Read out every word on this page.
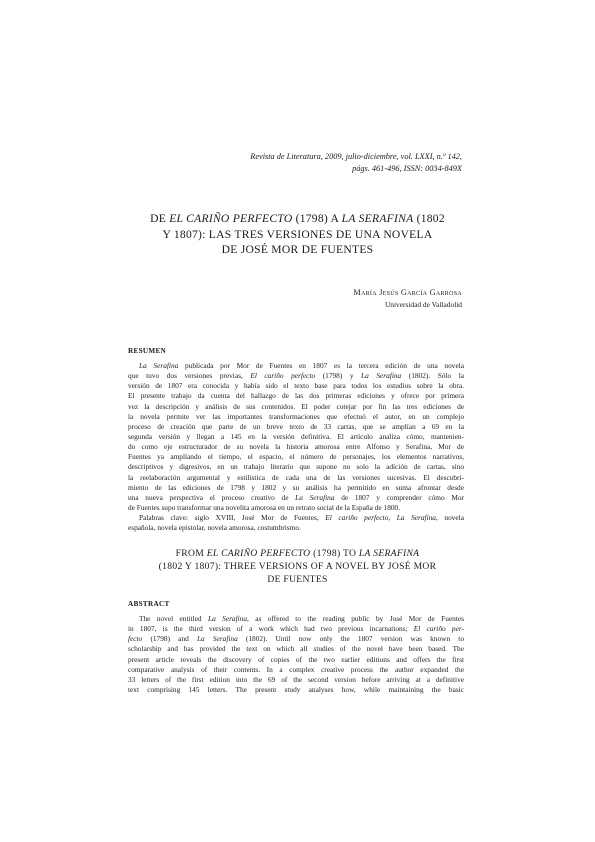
Revista de Literatura, 2009, julio-diciembre, vol. LXXI, n.º 142,
págs. 461-496, ISSN: 0034-849X
DE EL CARIÑO PERFECTO (1798) A LA SERAFINA (1802
Y 1807): LAS TRES VERSIONES DE UNA NOVELA
DE JOSÉ MOR DE FUENTES
María Jesús García Garrosa
Universidad de Valladolid
RESUMEN
La Serafina publicada por Mor de Fuentes en 1807 es la tercera edición de una novela
que tuvo dos versiones previas, El cariño perfecto (1798) y La Serafina (1802). Sólo la
versión de 1807 era conocida y había sido el texto base para todos los estudios sobre la obra.
El presente trabajo da cuenta del hallazgo de las dos primeras ediciones y ofrece por primera
vez la descripción y análisis de sus contenidos. El poder cotejar por fin las tres ediciones de
la novela permite ver las importantes transformaciones que efectuó el autor, en un complejo
proceso de creación que parte de un breve texto de 33 cartas, que se amplían a 69 en la
segunda versión y llegan a 145 en la versión definitiva. El artículo analiza cómo, mantenien-
do como eje estructurador de su novela la historia amorosa entre Alfonso y Serafina, Mor de
Fuentes ya amplíando el tiempo, el espacio, el número de personajes, los elementos narrativos,
descriptivos y digresivos, en un trabajo literario que supone no solo la adición de cartas, sino
la reelaboración argumental y estilística de cada una de las versiones sucesivas. El descubri-
miento de las ediciones de 1798 y 1802 y su análisis ha permitido en suma afrontar desde
una nueva perspectiva el proceso creativo de La Serafina de 1807 y comprender cómo Mor
de Fuentes supo transformar una novelita amorosa en un retrato social de la España de 1800.
Palabras clave: siglo XVIII, José Mor de Fuentes, El cariño perfecto, La Serafina, novela
española, novela epistolar, novela amorosa, costumbrismo.
FROM EL CARIÑO PERFECTO (1798) TO LA SERAFINA
(1802 Y 1807): THREE VERSIONS OF A NOVEL BY JOSÉ MOR
DE FUENTES
ABSTRACT
The novel entitled La Serafina, as offered to the reading public by José Mor de Fuentes
in 1807, is the third version of a work which had two previous incarnations; El cariño per-
fecto (1798) and La Serafina (1802). Until now only the 1807 version was known to
scholarship and has provided the text on which all studies of the novel have been based. The
present article reveals the discovery of copies of the two earlier editions and offers the first
comparative analysis of their contents. In a complex creative process the author expanded the
33 letters of the first edition into the 69 of the second version before arriving at a definitive
text comprising 145 letters. The present study analyses how, while maintaining the basic
